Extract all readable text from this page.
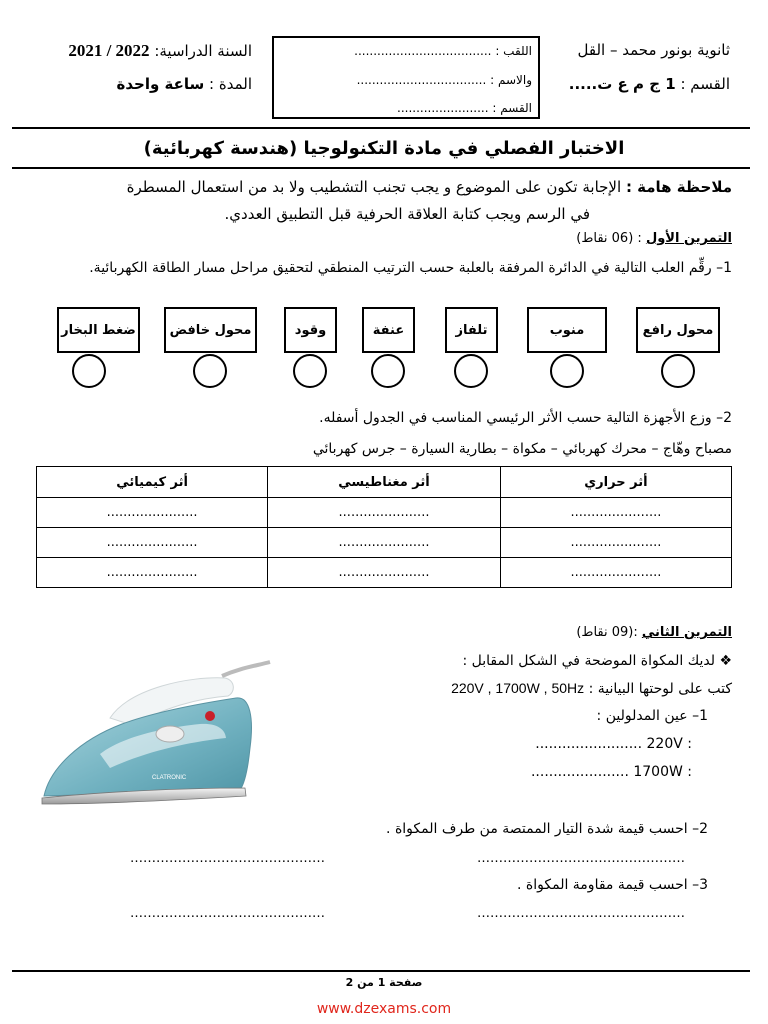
ثانوية بونور محمد – القل
القسم : 1 ج م ع ت.....
اللقب : ....................................
والاسم : ..................................
القسم : ........................
السنة الدراسية: 2021 / 2022
المدة : ساعة واحدة
الاختبار الفصلي في مادة التكنولوجيا (هندسة كهربائية)
ملاحظة هامة : الإجابة تكون على الموضوع و يجب تجنب التشطيب ولا بد من استعمال المسطرة
في الرسم ويجب كتابة العلاقة الحرفية قبل التطبيق العددي.
التمرين الأول : (06 نقاط)
1– رقِّم العلب التالية في الدائرة المرفقة بالعلبة حسب الترتيب المنطقي لتحقيق مراحل مسار الطاقة الكهربائية.
محول رافع
منوب
تلفاز
عنفة
وقود
محول خافض
ضغط البخار
2– وزع الأجهزة التالية حسب الأثر الرئيسي المناسب في الجدول أسفله.
مصباح وهّاج – محرك كهربائي – مكواة – بطارية السيارة – جرس كهربائي
أثر حراري	أثر مغناطيسي	أثر كيميائي
......................	......................	......................
......................	......................	......................
......................	......................	......................
التمرين الثاني :(09 نقاط)
❖ لديك المكواة الموضحة في الشكل المقابل :
كتب على لوحتها البيانية : 220V , 1700W , 50Hz
1– عين المدلولين :
: 220V ........................
: 1700W ......................
2– احسب قيمة شدة التيار الممتصة من طرف المكواة .
…………………………………………
………………………………………
3– احسب قيمة مقاومة المكواة .
…………………………………………
………………………………………
CLATRONIC
صفحة 1 من 2
www.dzexams.com
